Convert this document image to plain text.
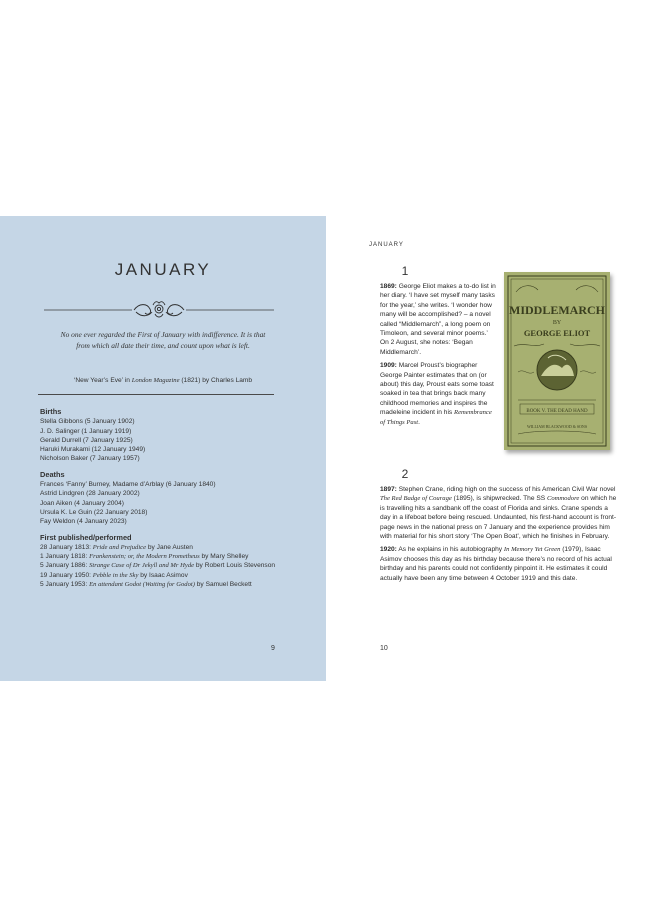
JANUARY
No one ever regarded the First of January with indifference. It is that from which all date their time, and count upon what is left.
‘New Year’s Eve’ in London Magazine (1821) by Charles Lamb
Births
Stella Gibbons (5 January 1902)
J. D. Salinger (1 January 1919)
Gerald Durrell (7 January 1925)
Haruki Murakami (12 January 1949)
Nicholson Baker (7 January 1957)
Deaths
Frances ‘Fanny’ Burney, Madame d’Arblay (6 January 1840)
Astrid Lindgren (28 January 2002)
Joan Aiken (4 January 2004)
Ursula K. Le Guin (22 January 2018)
Fay Weldon (4 January 2023)
First published/performed
28 January 1813: Pride and Prejudice by Jane Austen
1 January 1818: Frankenstein; or, the Modern Prometheus by Mary Shelley
5 January 1886: Strange Case of Dr Jekyll and Mr Hyde by Robert Louis Stevenson
19 January 1950: Pebble in the Sky by Isaac Asimov
5 January 1953: En attendant Godot (Waiting for Godot) by Samuel Beckett
9
JANUARY
1

1869: George Eliot makes a to-do list in her diary. ‘I have set myself many tasks for the year,’ she writes. ‘I wonder how many will be accomplished? – a novel called “Middlemarch”, a long poem on Timoleon, and several minor poems.’ On 2 August, she notes: ‘Began Middlemarch’.

1909: Marcel Proust’s biographer George Painter estimates that on (or about) this day, Proust eats some toast soaked in tea that brings back many childhood memories and inspires the madeleine incident in his Remembrance of Things Past.

MIDDLEMARCH
BY
GEORGE ELIOT
BOOK V. THE DEAD HAND
WILLIAM BLACKWOOD & SONS
2

1897: Stephen Crane, riding high on the success of his American Civil War novel The Red Badge of Courage (1895), is shipwrecked. The SS Commodore on which he is travelling hits a sandbank off the coast of Florida and sinks. Crane spends a day in a lifeboat before being rescued. Undaunted, his first-hand account is front-page news in the national press on 7 January and the experience provides him with material for his short story ‘The Open Boat’, which he finishes in February.

1920: As he explains in his autobiography In Memory Yet Green (1979), Isaac Asimov chooses this day as his birthday because there’s no record of his actual birthday and his parents could not confidently pinpoint it. He estimates it could actually have been any time between 4 October 1919 and this date.

10
